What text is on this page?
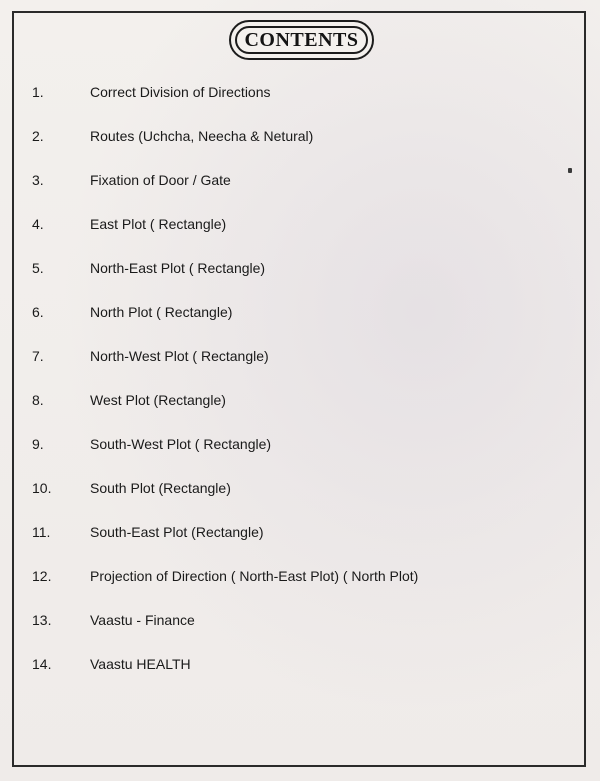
CONTENTS
1.	Correct Division of Directions
2.	Routes (Uchcha, Neecha & Netural)
3.	Fixation of Door / Gate
4.	East Plot ( Rectangle)
5.	North-East Plot ( Rectangle)
6.	North Plot ( Rectangle)
7.	North-West Plot ( Rectangle)
8.	West Plot (Rectangle)
9.	South-West Plot ( Rectangle)
10.	South Plot (Rectangle)
11.	South-East Plot (Rectangle)
12.	Projection of Direction ( North-East Plot) ( North Plot)
13.	Vaastu - Finance
14.	Vaastu HEALTH
